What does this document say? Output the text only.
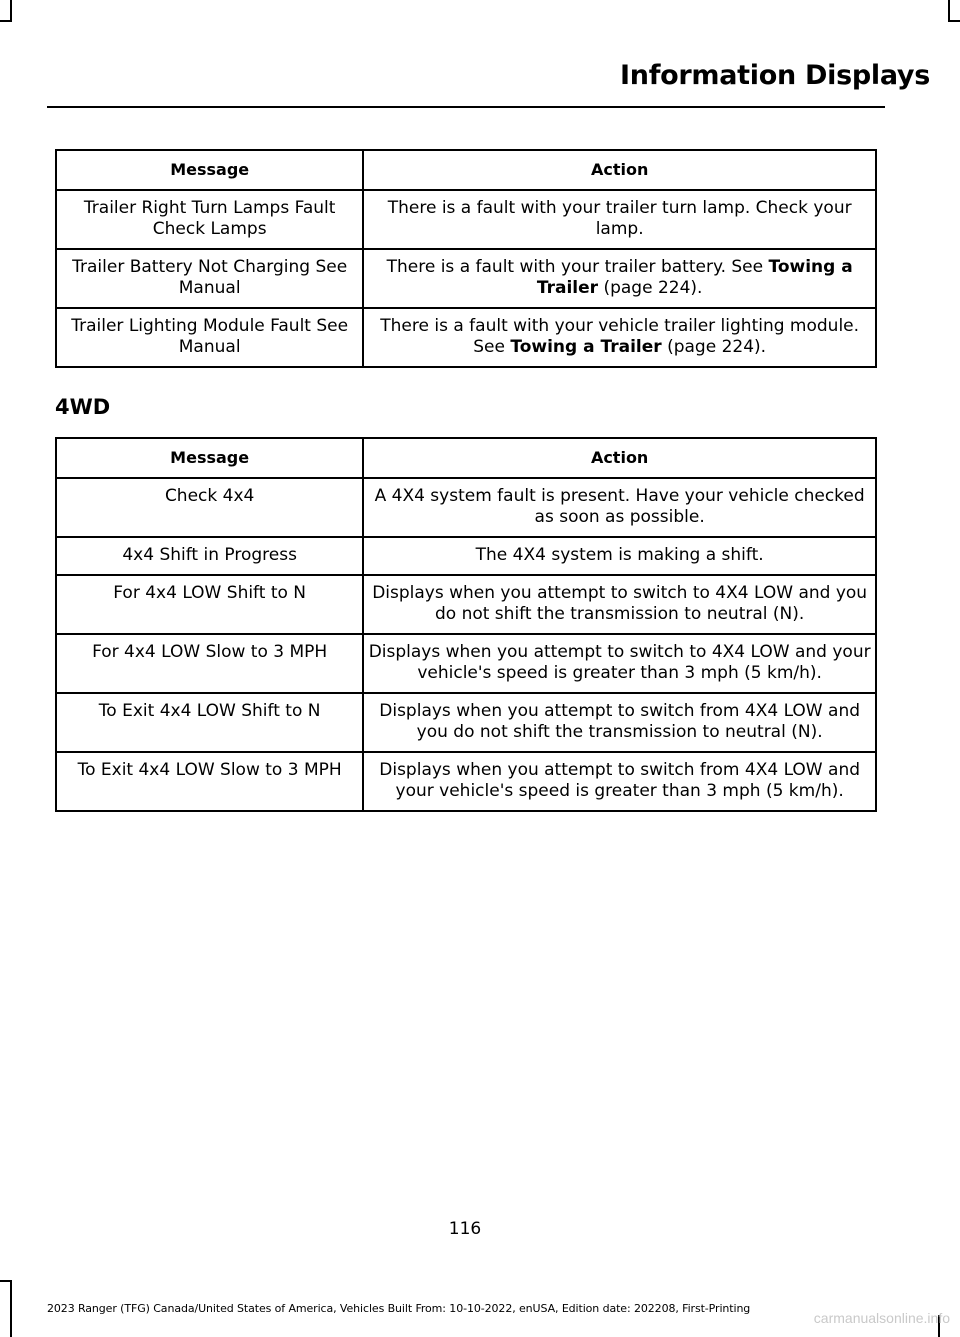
Information Displays
Message	Action
Trailer Right Turn Lamps Fault Check Lamps	There is a fault with your trailer turn lamp. Check your lamp.
Trailer Battery Not Charging See Manual	There is a fault with your trailer battery. See Towing a Trailer (page 224).
Trailer Lighting Module Fault See Manual	There is a fault with your vehicle trailer lighting module. See Towing a Trailer (page 224).
4WD
Message	Action
Check 4x4	A 4X4 system fault is present. Have your vehicle checked as soon as possible.
4x4 Shift in Progress	The 4X4 system is making a shift.
For 4x4 LOW Shift to N	Displays when you attempt to switch to 4X4 LOW and you do not shift the transmission to neutral (N).
For 4x4 LOW Slow to 3 MPH	Displays when you attempt to switch to 4X4 LOW and your vehicle's speed is greater than 3 mph (5 km/h).
To Exit 4x4 LOW Shift to N	Displays when you attempt to switch from 4X4 LOW and you do not shift the transmission to neutral (N).
To Exit 4x4 LOW Slow to 3 MPH	Displays when you attempt to switch from 4X4 LOW and your vehicle's speed is greater than 3 mph (5 km/h).
116
2023 Ranger (TFG) Canada/United States of America, Vehicles Built From: 10-10-2022, enUSA, Edition date: 202208, First-Printing
carmanualsonline.info
